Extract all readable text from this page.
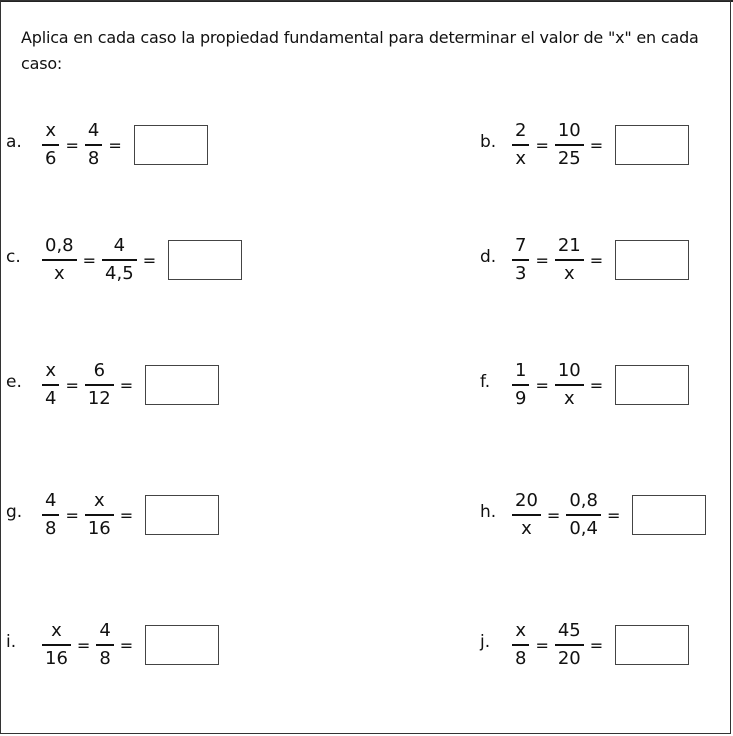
Aplica en cada caso la propiedad fundamental para determinar el valor de "x" en cada caso:
a.	$\frac{x}{6} = \frac{4}{8}$ =	b. $\frac{2}{x} = \frac{10}{25}$ =
c.	$\frac{0,8}{x} = \frac{4}{4,5}$ =	d. $\frac{7}{3} = \frac{21}{x}$ =
e.	$\frac{x}{4} = \frac{6}{12}$ =	f.	$\frac{1}{9} = \frac{10}{x}$ =
g. $\frac{4}{8} = \frac{x}{16}$ =	h. $\frac{20}{x} = \frac{0,8}{0,4}$ =
i.	$\frac{x}{16} = \frac{4}{8}$ =	j.	$\frac{x}{8} = \frac{45}{20}$ =
